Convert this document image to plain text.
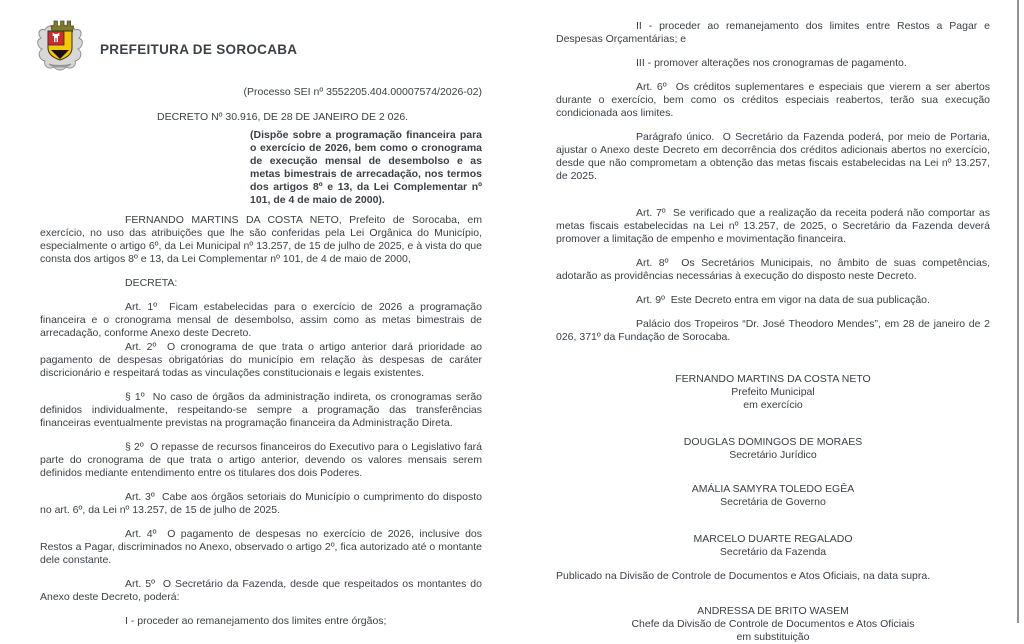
PREFEITURA DE SOROCABA
(Processo SEI nº 3552205.404.00007574/2026-02)
DECRETO Nº 30.916, DE 28 DE JANEIRO DE 2 026.
(Dispõe sobre a programação financeira para o exercício de 2026, bem como o cronograma de execução mensal de desembolso e as metas bimestrais de arrecadação, nos termos dos artigos 8º e 13, da Lei Complementar nº 101, de 4 de maio de 2000).

FERNANDO MARTINS DA COSTA NETO, Prefeito de Sorocaba, em exercício, no uso das atribuições que lhe são conferidas pela Lei Orgânica do Município, especialmente o artigo 6º, da Lei Municipal nº 13.257, de 15 de julho de 2025, e à vista do que consta dos artigos 8º e 13, da Lei Complementar nº 101, de 4 de maio de 2000,

DECRETA:

Art. 1º  Ficam estabelecidas para o exercício de 2026 a programação financeira e o cronograma mensal de desembolso, assim como as metas bimestrais de arrecadação, conforme Anexo deste Decreto.

Art. 2º  O cronograma de que trata o artigo anterior dará prioridade ao pagamento de despesas obrigatórias do município em relação às despesas de caráter discricionário e respeitará todas as vinculações constitucionais e legais existentes.

§ 1º  No caso de órgãos da administração indireta, os cronogramas serão definidos individualmente, respeitando-se sempre a programação das transferências financeiras eventualmente previstas na programação financeira da Administração Direta.

§ 2º  O repasse de recursos financeiros do Executivo para o Legislativo fará parte do cronograma de que trata o artigo anterior, devendo os valores mensais serem definidos mediante entendimento entre os titulares dos dois Poderes.

Art. 3º  Cabe aos órgãos setoriais do Município o cumprimento do disposto no art. 6º, da Lei nº 13.257, de 15 de julho de 2025.

Art. 4º  O pagamento de despesas no exercício de 2026, inclusive dos Restos a Pagar, discriminados no Anexo, observado o artigo 2º, fica autorizado até o montante dele constante.

Art. 5º  O Secretário da Fazenda, desde que respeitados os montantes do Anexo deste Decreto, poderá:

I - proceder ao remanejamento dos limites entre órgãos;

II - proceder ao remanejamento dos limites entre Restos a Pagar e Despesas Orçamentárias; e

III - promover alterações nos cronogramas de pagamento.

Art. 6º  Os créditos suplementares e especiais que vierem a ser abertos durante o exercício, bem como os créditos especiais reabertos, terão sua execução condicionada aos limites.

Parágrafo único.  O Secretário da Fazenda poderá, por meio de Portaria, ajustar o Anexo deste Decreto em decorrência dos créditos adicionais abertos no exercício, desde que não comprometam a obtenção das metas fiscais estabelecidas na Lei nº 13.257, de 2025.

Art. 7º  Se verificado que a realização da receita poderá não comportar as metas fiscais estabelecidas na Lei nº 13.257, de 2025, o Secretário da Fazenda deverá promover a limitação de empenho e movimentação financeira.

Art. 8º  Os Secretários Municipais, no âmbito de suas competências, adotarão as providências necessárias à execução do disposto neste Decreto.

Art. 9º  Este Decreto entra em vigor na data de sua publicação.

Palácio dos Tropeiros “Dr. José Theodoro Mendes”, em 28 de janeiro de 2 026, 371º da Fundação de Sorocaba.

FERNANDO MARTINS DA COSTA NETO
Prefeito Municipal
em exercício
DOUGLAS DOMINGOS DE MORAES
Secretário Jurídico
AMÁLIA SAMYRA TOLEDO EGÊA
Secretária de Governo
MARCELO DUARTE REGALADO
Secretário da Fazenda
Publicado na Divisão de Controle de Documentos e Atos Oficiais, na data supra.
ANDRESSA DE BRITO WASEM
Chefe da Divisão de Controle de Documentos e Atos Oficiais
em substituição
